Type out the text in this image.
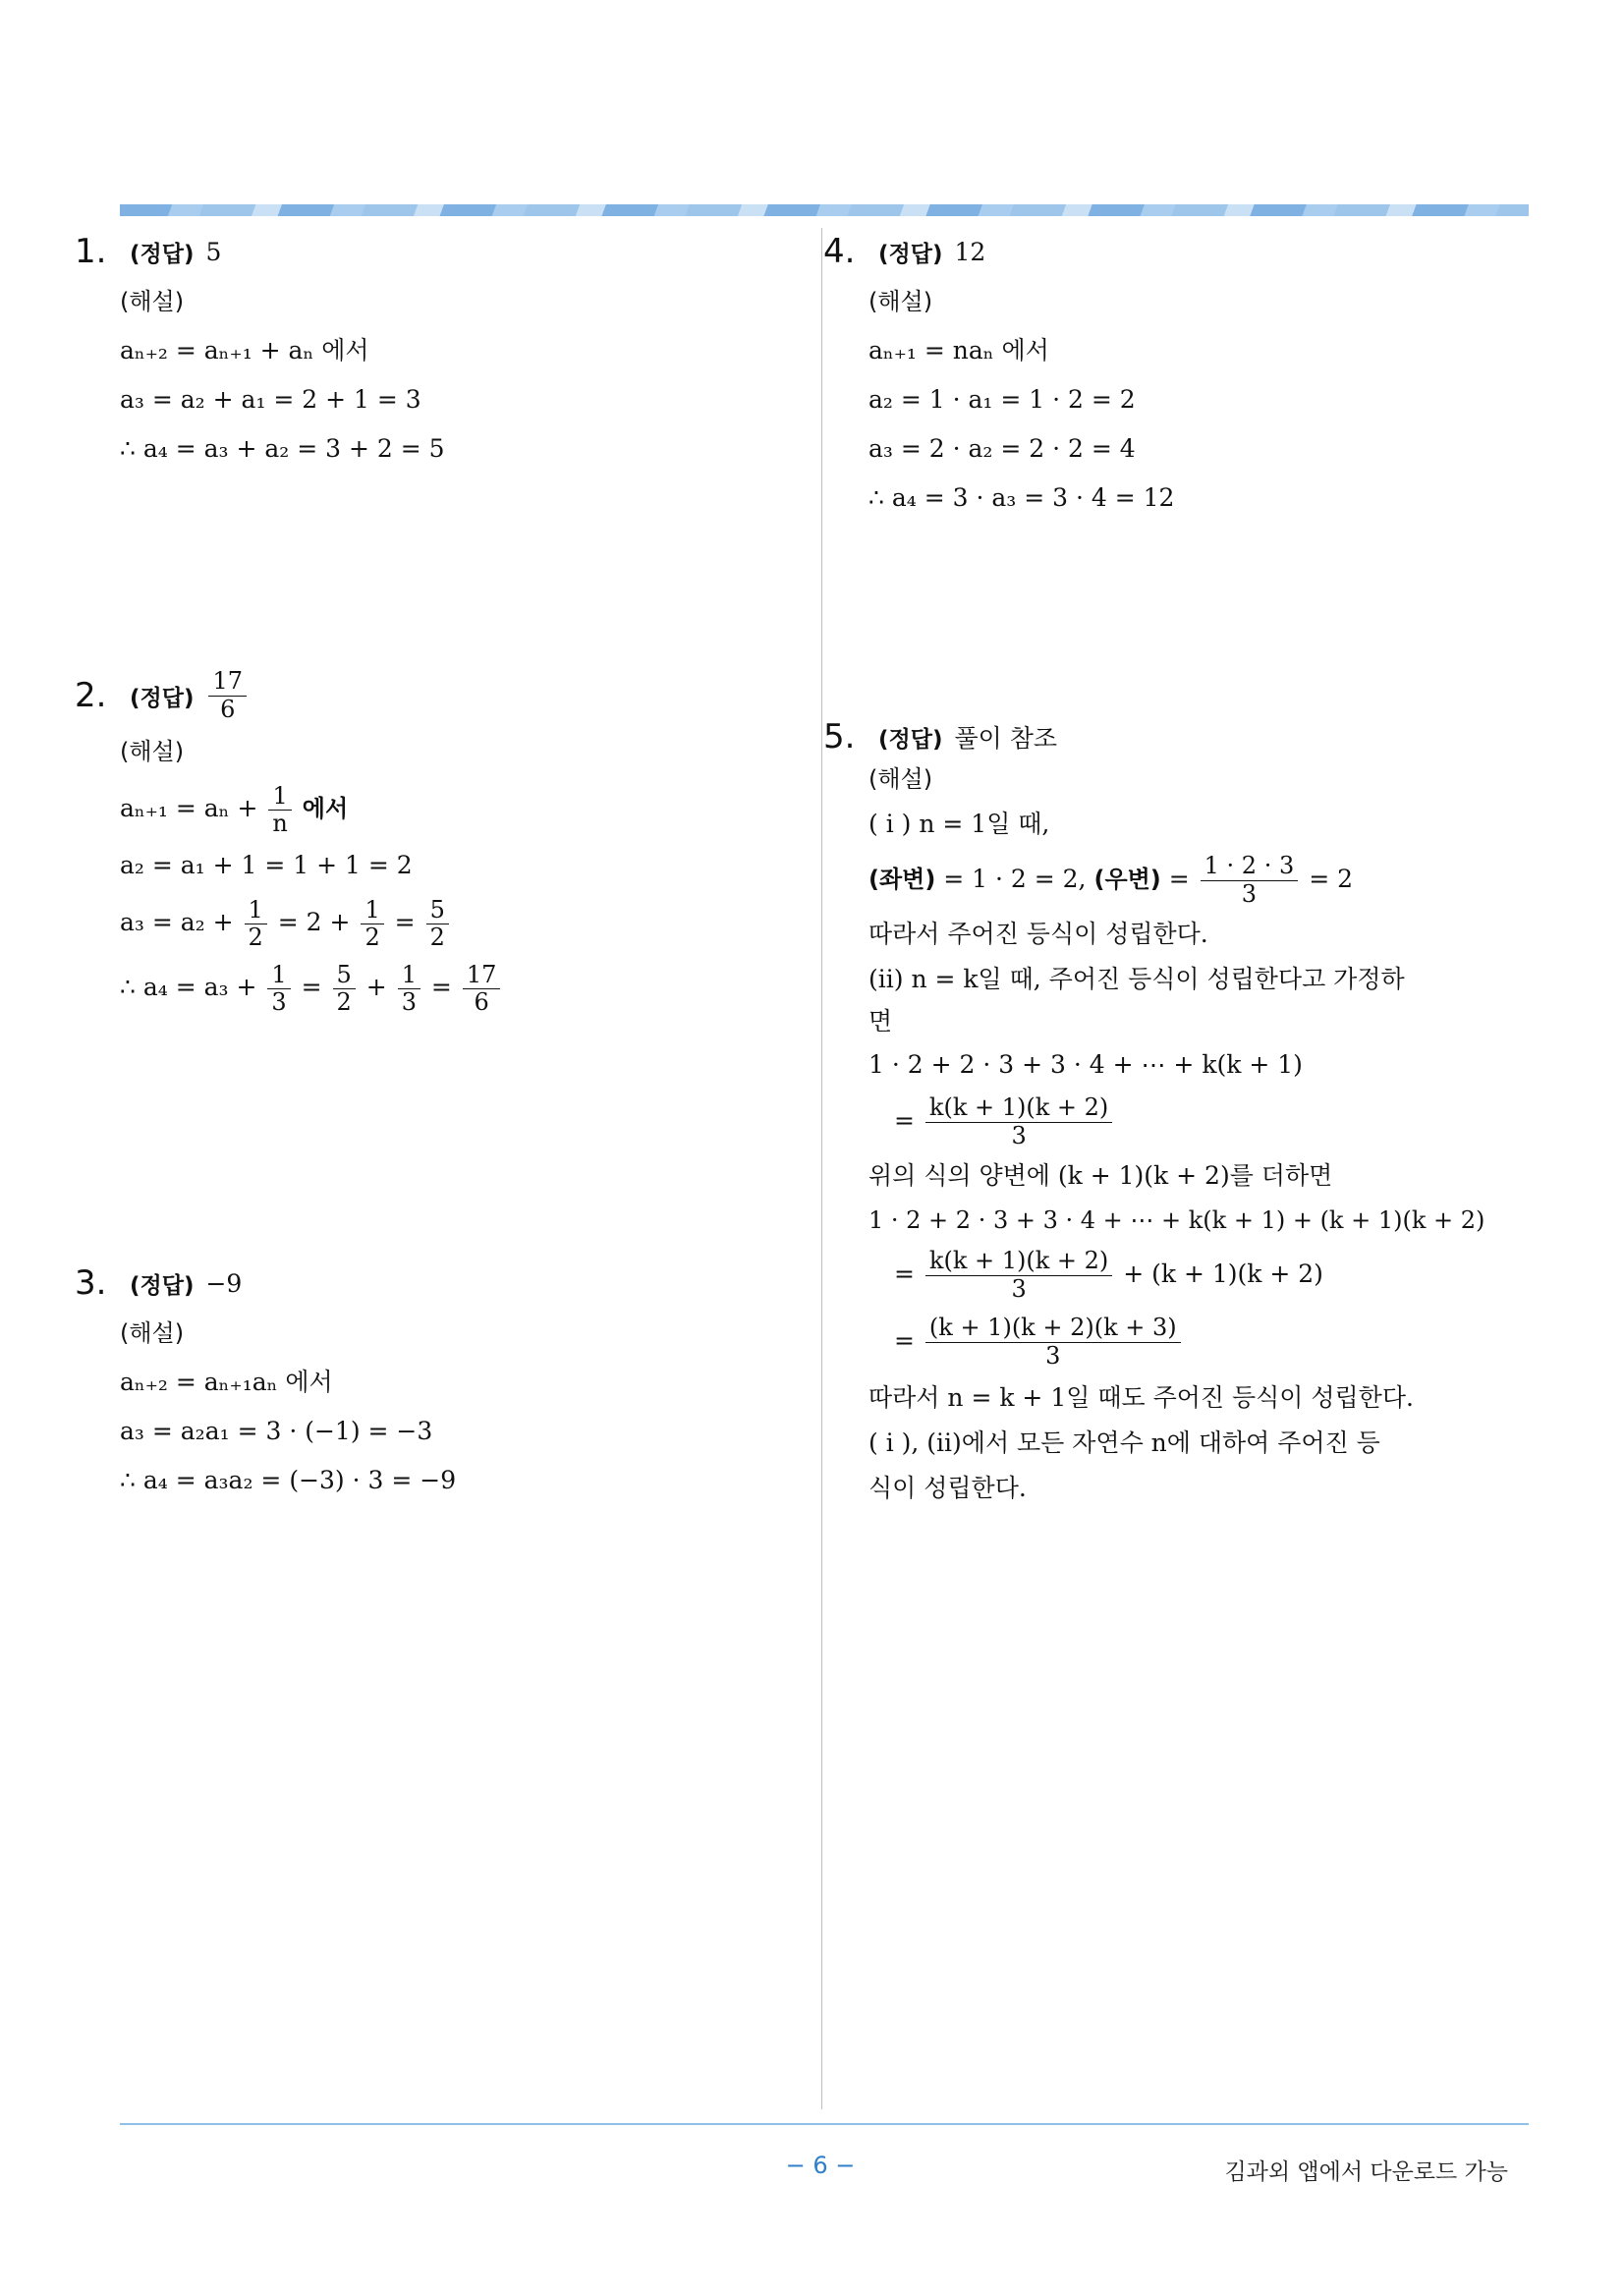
1.	(정답) 5
(해설)
aₙ₊₂ = aₙ₊₁ + aₙ 에서
a₃ = a₂ + a₁ = 2 + 1 = 3
∴ a₄ = a₃ + a₂ = 3 + 2 = 5
2.	(정답) $\frac{17}{6}$
(해설)
$a_{n+1} = a_n + \frac{1}{n}$ 에서
a₂ = a₁ + 1 = 1 + 1 = 2
$a_3 = a_2 + \frac{1}{2} = 2 + \frac{1}{2} = \frac{5}{2}$
∴ $a_4 = a_3 + \frac{1}{3} = \frac{5}{2} + \frac{1}{3} = \frac{17}{6}$
3.	(정답) −9
(해설)
aₙ₊₂ = aₙ₊₁aₙ 에서
a₃ = a₂a₁ = 3 · (−1) = −3
∴ a₄ = a₃a₂ = (−3) · 3 = −9
4.	(정답) 12
(해설)
aₙ₊₁ = naₙ 에서
a₂ = 1 · a₁ = 1 · 2 = 2
a₃ = 2 · a₂ = 2 · 2 = 4
∴ a₄ = 3 · a₃ = 3 · 4 = 12
5.	(정답) 풀이 참조
(해설)
( i ) n = 1일 때,
(좌변) = 1 · 2 = 2, (우변) = $\frac{1 \cdot 2 \cdot 3}{3} = 2$
따라서 주어진 등식이 성립한다.
(ii) n = k일 때, 주어진 등식이 성립한다고 가정하
면
1 · 2 + 2 · 3 + 3 · 4 + ⋯ + k(k + 1)
= $\frac{k(k + 1)(k + 2)}{3}$
위의 식의 양변에 (k + 1)(k + 2)를 더하면
1 · 2 + 2 · 3 + 3 · 4 + ⋯ + k(k + 1) + (k + 1)(k + 2)
= $\frac{k(k + 1)(k + 2)}{3} + (k + 1)(k + 2)$
= $\frac{(k + 1)(k + 2)(k + 3)}{3}$
따라서 n = k + 1일 때도 주어진 등식이 성립한다.
( i ), (ii)에서 모든 자연수 n에 대하여 주어진 등
식이 성립한다.
− 6 −	김과외 앱에서 다운로드 가능
